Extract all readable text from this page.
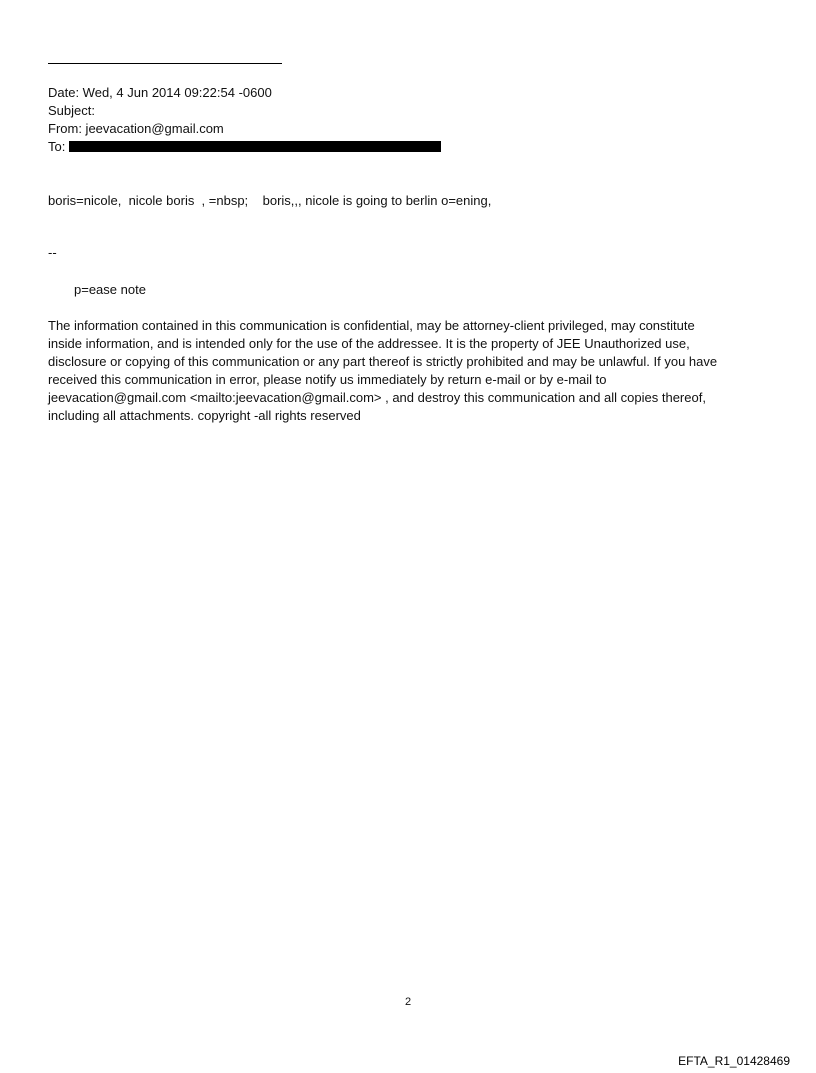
Date: Wed, 4 Jun 2014 09:22:54 -0600
Subject:
From: jeevacation@gmail.com
To:
boris=nicole,  nicole boris  , =nbsp;    boris,,, nicole is going to berlin o=ening,
--
p=ease note
The information contained in this communication is confidential, may be attorney-client privileged, may constitute
inside information, and is intended only for the use of the addressee. It is the property of JEE Unauthorized use,
disclosure or copying of this communication or any part thereof is strictly prohibited and may be unlawful. If you have
received this communication in error, please notify us immediately by return e-mail or by e-mail to
jeevacation@gmail.com <mailto:jeevacation@gmail.com> , and destroy this communication and all copies thereof,
including all attachments. copyright -all rights reserved
2
EFTA_R1_01428469
